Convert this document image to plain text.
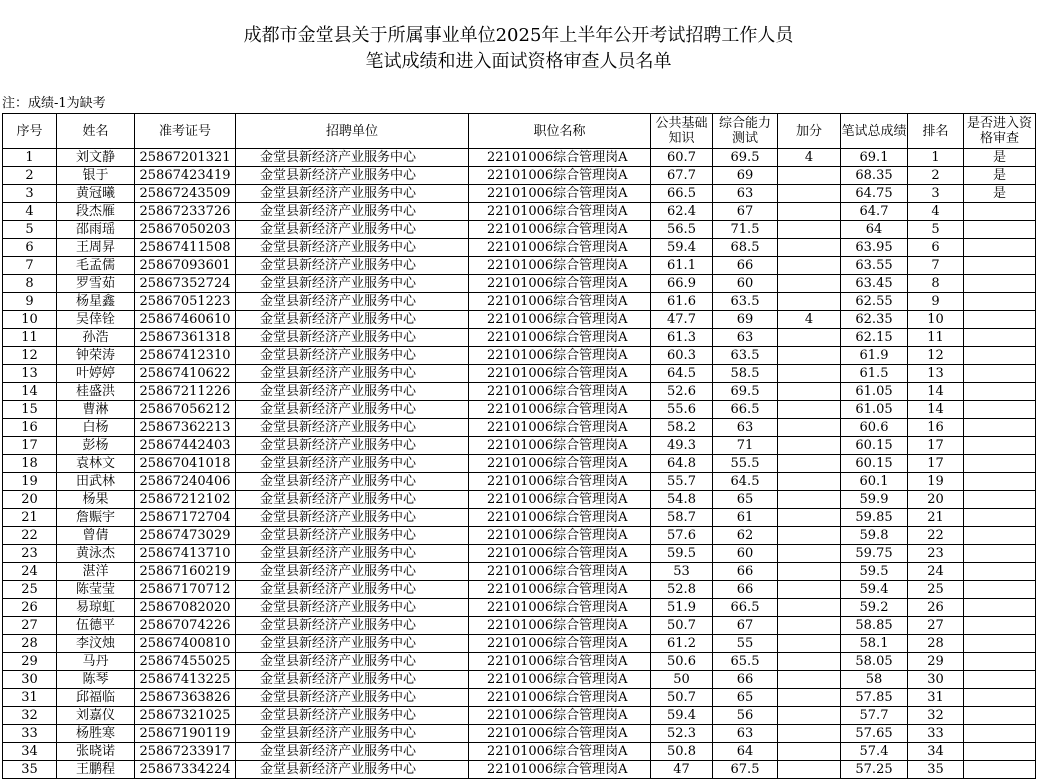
成都市金堂县关于所属事业单位2025年上半年公开考试招聘工作人员
笔试成绩和进入面试资格审查人员名单
注：成绩-1为缺考
序号	姓名	准考证号	招聘单位	职位名称	公共基础知识	综合能力测试	加分	笔试总成绩	排名	是否进入资格审查
1	刘文静	25867201321	金堂县新经济产业服务中心	22101006综合管理岗A	60.7	69.5	4	69.1	1	是
2	银于	25867423419	金堂县新经济产业服务中心	22101006综合管理岗A	67.7	69		68.35	2	是
3	黄冠曦	25867243509	金堂县新经济产业服务中心	22101006综合管理岗A	66.5	63		64.75	3	是
4	段杰雁	25867233726	金堂县新经济产业服务中心	22101006综合管理岗A	62.4	67		64.7	4	
5	邵雨瑶	25867050203	金堂县新经济产业服务中心	22101006综合管理岗A	56.5	71.5		64	5	
6	王周昇	25867411508	金堂县新经济产业服务中心	22101006综合管理岗A	59.4	68.5		63.95	6	
7	毛孟儒	25867093601	金堂县新经济产业服务中心	22101006综合管理岗A	61.1	66		63.55	7	
8	罗雪茹	25867352724	金堂县新经济产业服务中心	22101006综合管理岗A	66.9	60		63.45	8	
9	杨星鑫	25867051223	金堂县新经济产业服务中心	22101006综合管理岗A	61.6	63.5		62.55	9	
10	吴倖铨	25867460610	金堂县新经济产业服务中心	22101006综合管理岗A	47.7	69	4	62.35	10	
11	孙浩	25867361318	金堂县新经济产业服务中心	22101006综合管理岗A	61.3	63		62.15	11	
12	钟荣涛	25867412310	金堂县新经济产业服务中心	22101006综合管理岗A	60.3	63.5		61.9	12	
13	叶婷婷	25867410622	金堂县新经济产业服务中心	22101006综合管理岗A	64.5	58.5		61.5	13	
14	桂盛洪	25867211226	金堂县新经济产业服务中心	22101006综合管理岗A	52.6	69.5		61.05	14	
15	曹淋	25867056212	金堂县新经济产业服务中心	22101006综合管理岗A	55.6	66.5		61.05	14	
16	白杨	25867362213	金堂县新经济产业服务中心	22101006综合管理岗A	58.2	63		60.6	16	
17	彭杨	25867442403	金堂县新经济产业服务中心	22101006综合管理岗A	49.3	71		60.15	17	
18	袁林文	25867041018	金堂县新经济产业服务中心	22101006综合管理岗A	64.8	55.5		60.15	17	
19	田武林	25867240406	金堂县新经济产业服务中心	22101006综合管理岗A	55.7	64.5		60.1	19	
20	杨果	25867212102	金堂县新经济产业服务中心	22101006综合管理岗A	54.8	65		59.9	20	
21	詹赈宇	25867172704	金堂县新经济产业服务中心	22101006综合管理岗A	58.7	61		59.85	21	
22	曾倩	25867473029	金堂县新经济产业服务中心	22101006综合管理岗A	57.6	62		59.8	22	
23	黄泳杰	25867413710	金堂县新经济产业服务中心	22101006综合管理岗A	59.5	60		59.75	23	
24	湛洋	25867160219	金堂县新经济产业服务中心	22101006综合管理岗A	53	66		59.5	24	
25	陈莹莹	25867170712	金堂县新经济产业服务中心	22101006综合管理岗A	52.8	66		59.4	25	
26	易琼虹	25867082020	金堂县新经济产业服务中心	22101006综合管理岗A	51.9	66.5		59.2	26	
27	伍德平	25867074226	金堂县新经济产业服务中心	22101006综合管理岗A	50.7	67		58.85	27	
28	李汶烛	25867400810	金堂县新经济产业服务中心	22101006综合管理岗A	61.2	55		58.1	28	
29	马丹	25867455025	金堂县新经济产业服务中心	22101006综合管理岗A	50.6	65.5		58.05	29	
30	陈琴	25867413225	金堂县新经济产业服务中心	22101006综合管理岗A	50	66		58	30	
31	邱福临	25867363826	金堂县新经济产业服务中心	22101006综合管理岗A	50.7	65		57.85	31	
32	刘嘉仪	25867321025	金堂县新经济产业服务中心	22101006综合管理岗A	59.4	56		57.7	32	
33	杨胜寒	25867190119	金堂县新经济产业服务中心	22101006综合管理岗A	52.3	63		57.65	33	
34	张晓诺	25867233917	金堂县新经济产业服务中心	22101006综合管理岗A	50.8	64		57.4	34	
35	王鹏程	25867334224	金堂县新经济产业服务中心	22101006综合管理岗A	47	67.5		57.25	35	
